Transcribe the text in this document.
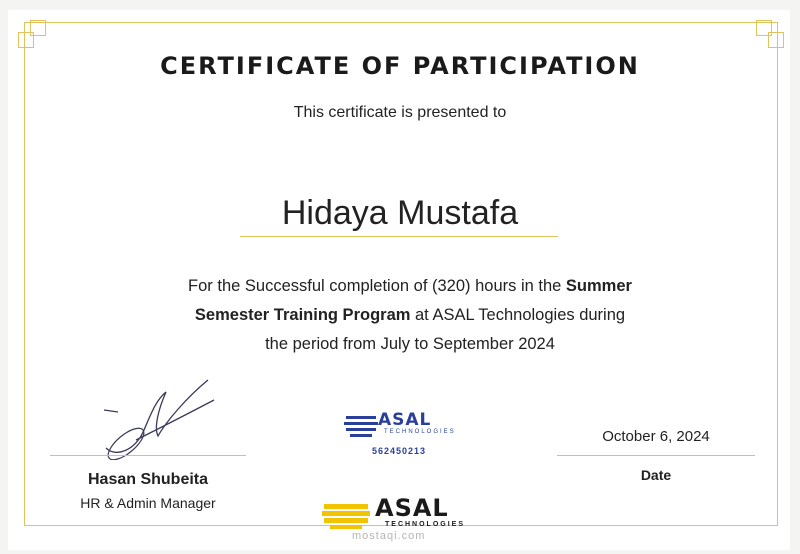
CERTIFICATE OF PARTICIPATION
This certificate is presented to
Hidaya Mustafa
For the Successful completion of (320) hours in the Summer
Semester Training Program at ASAL Technologies during
the period from July to September 2024
Hasan Shubeita
HR & Admin Manager
ASAL
TECHNOLOGIES
562450213
October 6, 2024
Date
ASAL
TECHNOLOGIES
mostaqi.com
